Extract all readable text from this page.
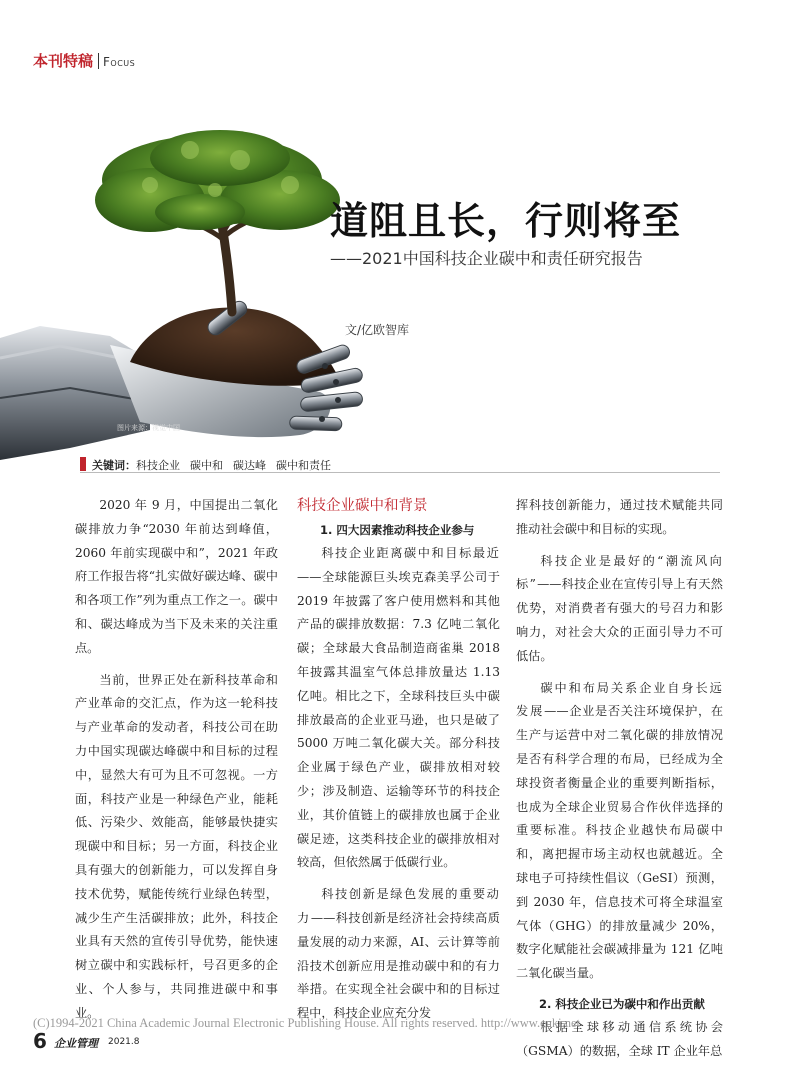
本刊特稿 Focus
图片来源：视觉中国
道阻且长，行则将至
——2021中国科技企业碳中和责任研究报告
文/亿欧智库
关键词：科技企业 碳中和 碳达峰 碳中和责任

2020 年 9 月，中国提出二氧化碳排放力争“2030 年前达到峰值，2060 年前实现碳中和”，2021 年政府工作报告将“扎实做好碳达峰、碳中和各项工作”列为重点工作之一。碳中和、碳达峰成为当下及未来的关注重点。

当前，世界正处在新科技革命和产业革命的交汇点，作为这一轮科技与产业革命的发动者，科技公司在助力中国实现碳达峰碳中和目标的过程中，显然大有可为且不可忽视。一方面，科技产业是一种绿色产业，能耗低、污染少、效能高，能够最快捷实现碳中和目标；另一方面，科技企业具有强大的创新能力，可以发挥自身技术优势，赋能传统行业绿色转型，减少生产生活碳排放；此外，科技企业具有天然的宣传引导优势，能快速树立碳中和实践标杆，号召更多的企业、个人参与，共同推进碳中和事业。

科技企业碳中和背景
1. 四大因素推动科技企业参与

科技企业距离碳中和目标最近——全球能源巨头埃克森美孚公司于 2019 年披露了客户使用燃料和其他产品的碳排放数据：7.3 亿吨二氧化碳；全球最大食品制造商雀巢 2018 年披露其温室气体总排放量达 1.13 亿吨。相比之下，全球科技巨头中碳排放最高的企业亚马逊，也只是破了 5000 万吨二氧化碳大关。部分科技企业属于绿色产业，碳排放相对较少；涉及制造、运输等环节的科技企业，其价值链上的碳排放也属于企业碳足迹，这类科技企业的碳排放相对较高，但依然属于低碳行业。

科技创新是绿色发展的重要动力——科技创新是经济社会持续高质量发展的动力来源，AI、云计算等前沿技术创新应用是推动碳中和的有力举措。在实现全社会碳中和的目标过程中，科技企业应充分发

挥科技创新能力，通过技术赋能共同推动社会碳中和目标的实现。

科技企业是最好的“潮流风向标”——科技企业在宣传引导上有天然优势，对消费者有强大的号召力和影响力，对社会大众的正面引导力不可低估。

碳中和布局关系企业自身长远发展——企业是否关注环境保护，在生产与运营中对二氧化碳的排放情况是否有科学合理的布局，已经成为全球投资者衡量企业的重要判断指标，也成为全球企业贸易合作伙伴选择的重要标准。科技企业越快布局碳中和，离把握市场主动权也就越近。全球电子可持续性倡议（GeSI）预测，到 2030 年，信息技术可将全球温室气体（GHG）的排放量减少 20%，数字化赋能社会碳减排量为 121 亿吨二氧化碳当量。

2. 科技企业已为碳中和作出贡献

根据全球移动通信系统协会（GSMA）的数据，全球 IT 企业年总

(C)1994-2021 China Academic Journal Electronic Publishing House. All rights reserved. http://www.cnki.net
6 企业管理 2021.8
